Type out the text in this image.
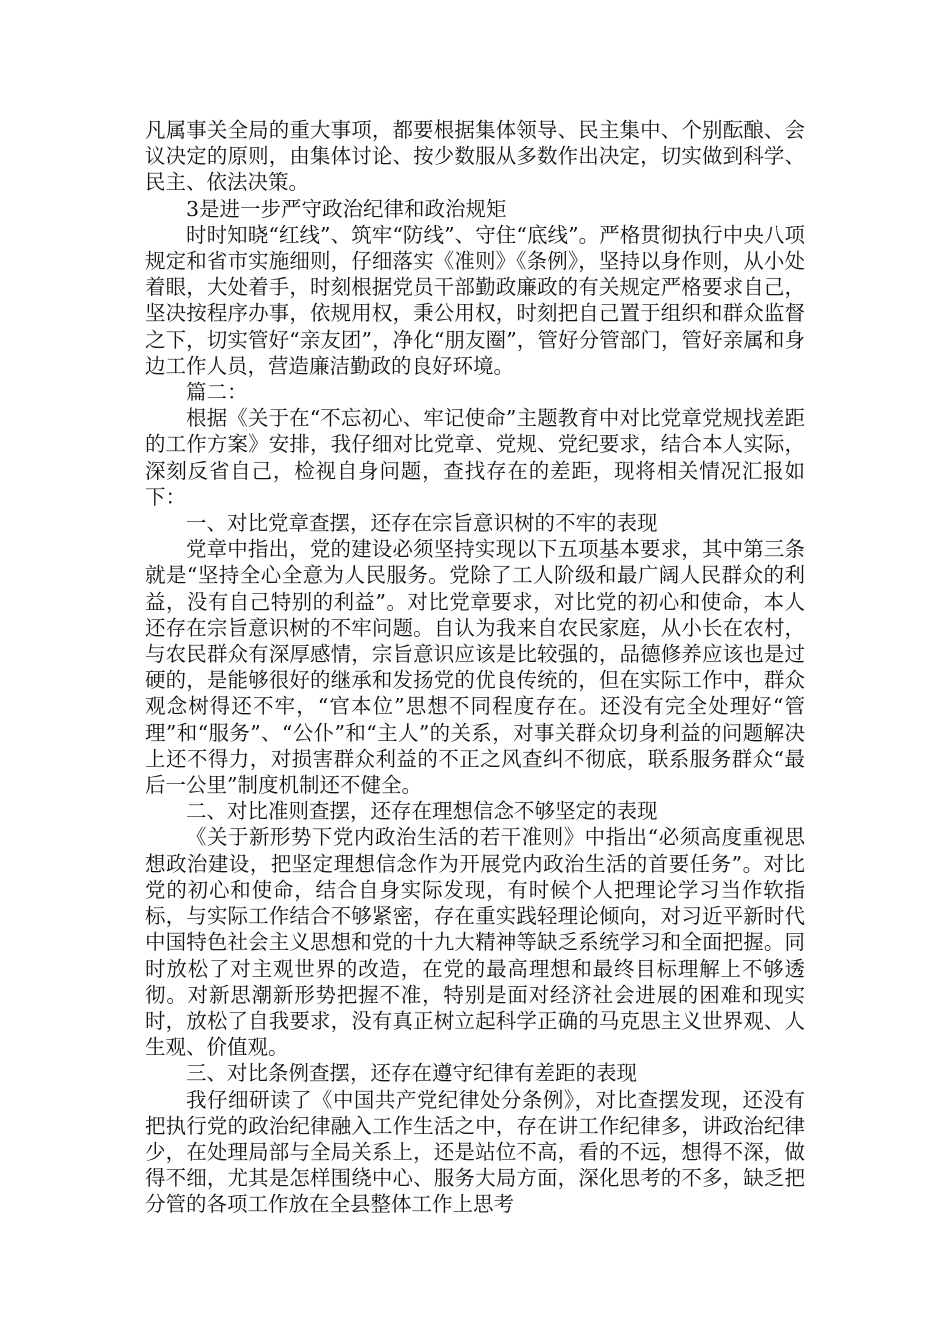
凡属事关全局的重大事项，都要根据集体领导、民主集中、个别酝酿、会议决定的原则，由集体讨论、按少数服从多数作出决定，切实做到科学、民主、依法决策。

3是进一步严守政治纪律和政治规矩

时时知晓“红线”、筑牢“防线”、守住“底线”。严格贯彻执行中央八项规定和省市实施细则，仔细落实《准则》《条例》，坚持以身作则，从小处着眼，大处着手，时刻根据党员干部勤政廉政的有关规定严格要求自己，坚决按程序办事，依规用权，秉公用权，时刻把自己置于组织和群众监督之下，切实管好“亲友团”，净化“朋友圈”，管好分管部门，管好亲属和身边工作人员，营造廉洁勤政的良好环境。

篇二：

根据《关于在“不忘初心、牢记使命”主题教育中对比党章党规找差距的工作方案》安排，我仔细对比党章、党规、党纪要求，结合本人实际，深刻反省自己，检视自身问题，查找存在的差距，现将相关情况汇报如下：

一、对比党章查摆，还存在宗旨意识树的不牢的表现

党章中指出，党的建设必须坚持实现以下五项基本要求，其中第三条就是“坚持全心全意为人民服务。党除了工人阶级和最广阔人民群众的利益，没有自己特别的利益”。对比党章要求，对比党的初心和使命，本人还存在宗旨意识树的不牢问题。自认为我来自农民家庭，从小长在农村，与农民群众有深厚感情，宗旨意识应该是比较强的，品德修养应该也是过硬的，是能够很好的继承和发扬党的优良传统的，但在实际工作中，群众观念树得还不牢，“官本位”思想不同程度存在。还没有完全处理好“管理”和“服务”、“公仆”和“主人”的关系，对事关群众切身利益的问题解决上还不得力，对损害群众利益的不正之风查纠不彻底，联系服务群众“最后一公里”制度机制还不健全。

二、对比准则查摆，还存在理想信念不够坚定的表现

《关于新形势下党内政治生活的若干准则》中指出“必须高度重视思想政治建设，把坚定理想信念作为开展党内政治生活的首要任务”。对比党的初心和使命，结合自身实际发现，有时候个人把理论学习当作软指标，与实际工作结合不够紧密，存在重实践轻理论倾向，对习近平新时代中国特色社会主义思想和党的十九大精神等缺乏系统学习和全面把握。同时放松了对主观世界的改造，在党的最高理想和最终目标理解上不够透彻。对新思潮新形势把握不准，特别是面对经济社会进展的困难和现实时，放松了自我要求，没有真正树立起科学正确的马克思主义世界观、人生观、价值观。

三、对比条例查摆，还存在遵守纪律有差距的表现

我仔细研读了《中国共产党纪律处分条例》，对比查摆发现，还没有把执行党的政治纪律融入工作生活之中，存在讲工作纪律多，讲政治纪律少，在处理局部与全局关系上，还是站位不高，看的不远，想得不深，做得不细，尤其是怎样围绕中心、服务大局方面，深化思考的不多，缺乏把分管的各项工作放在全县整体工作上思考
